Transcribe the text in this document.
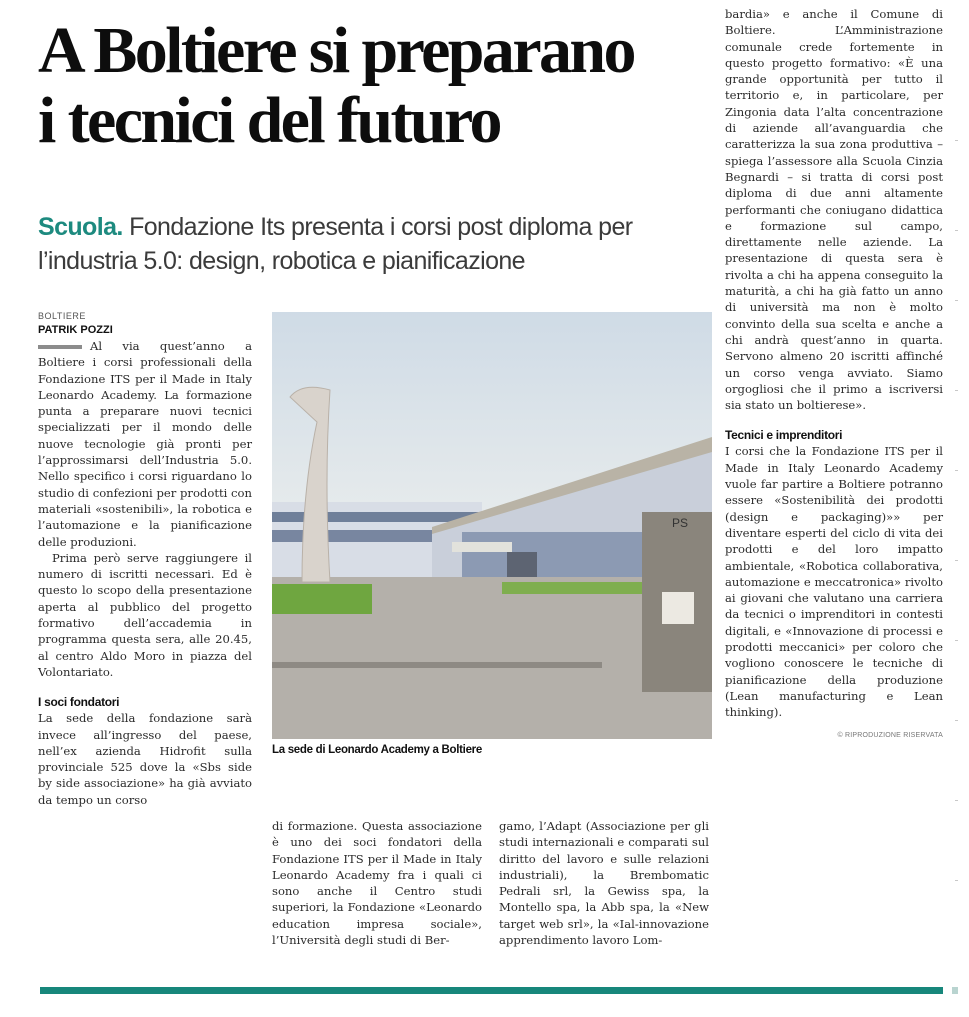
A Boltiere si preparano
i tecnici del futuro
Scuola. Fondazione Its presenta i corsi post diploma per l’industria 5.0: design, robotica e pianificazione
BOLTIERE
PATRIK POZZI

Al via quest’anno a Boltiere i corsi professionali della Fondazione ITS per il Made in Italy Leonardo Academy. La formazione punta a preparare nuovi tecnici specializzati per il mondo delle nuove tecnologie già pronti per l’approssimarsi dell’Industria 5.0. Nello specifico i corsi riguardano lo studio di confezioni per prodotti con materiali «sostenibili», la robotica e l’automazione e la pianificazione delle produzioni.

Prima però serve raggiungere il numero di iscritti necessari. Ed è questo lo scopo della presentazione aperta al pubblico del progetto formativo dell’accademia in programma questa sera, alle 20.45, al centro Aldo Moro in piazza del Volontariato.

I soci fondatori

La sede della fondazione sarà invece all’ingresso del paese, nell’ex azienda Hidrofit sulla provinciale 525 dove la «Sbs side by side associazione» ha già avviato da tempo un corso

PS
La sede di Leonardo Academy a Boltiere

di formazione. Questa associazione è uno dei soci fondatori della Fondazione ITS per il Made in Italy Leonardo Academy fra i quali ci sono anche il Centro studi superiori, la Fondazione «Leonardo education impresa sociale», l’Università degli studi di Ber-

gamo, l’Adapt (Associazione per gli studi internazionali e comparati sul diritto del lavoro e sulle relazioni industriali), la Brembomatic Pedrali srl, la Gewiss spa, la Montello spa, la Abb spa, la «New target web srl», la «Ial-innovazione apprendimento lavoro Lom-

bardia» e anche il Comune di Boltiere. L’Amministrazione comunale crede fortemente in questo progetto formativo: «È una grande opportunità per tutto il territorio e, in particolare, per Zingonia data l’alta concentrazione di aziende all’avanguardia che caratterizza la sua zona produttiva – spiega l’assessore alla Scuola Cinzia Begnardi – si tratta di corsi post diploma di due anni altamente performanti che coniugano didattica e formazione sul campo, direttamente nelle aziende. La presentazione di questa sera è rivolta a chi ha appena conseguito la maturità, a chi ha già fatto un anno di università ma non è molto convinto della sua scelta e anche a chi andrà quest’anno in quarta. Servono almeno 20 iscritti affinché un corso venga avviato. Siamo orgogliosi che il primo a iscriversi sia stato un boltierese».

Tecnici e imprenditori

I corsi che la Fondazione ITS per il Made in Italy Leonardo Academy vuole far partire a Boltiere potranno essere «Sostenibilità dei prodotti (design e packaging)»» per diventare esperti del ciclo di vita dei prodotti e del loro impatto ambientale, «Robotica collaborativa, automazione e meccatronica» rivolto ai giovani che valutano una carriera da tecnici o imprenditori in contesti digitali, e «Innovazione di processi e prodotti meccanici» per coloro che vogliono conoscere le tecniche di pianificazione della produzione (Lean manufacturing e Lean thinking).

© RIPRODUZIONE RISERVATA
